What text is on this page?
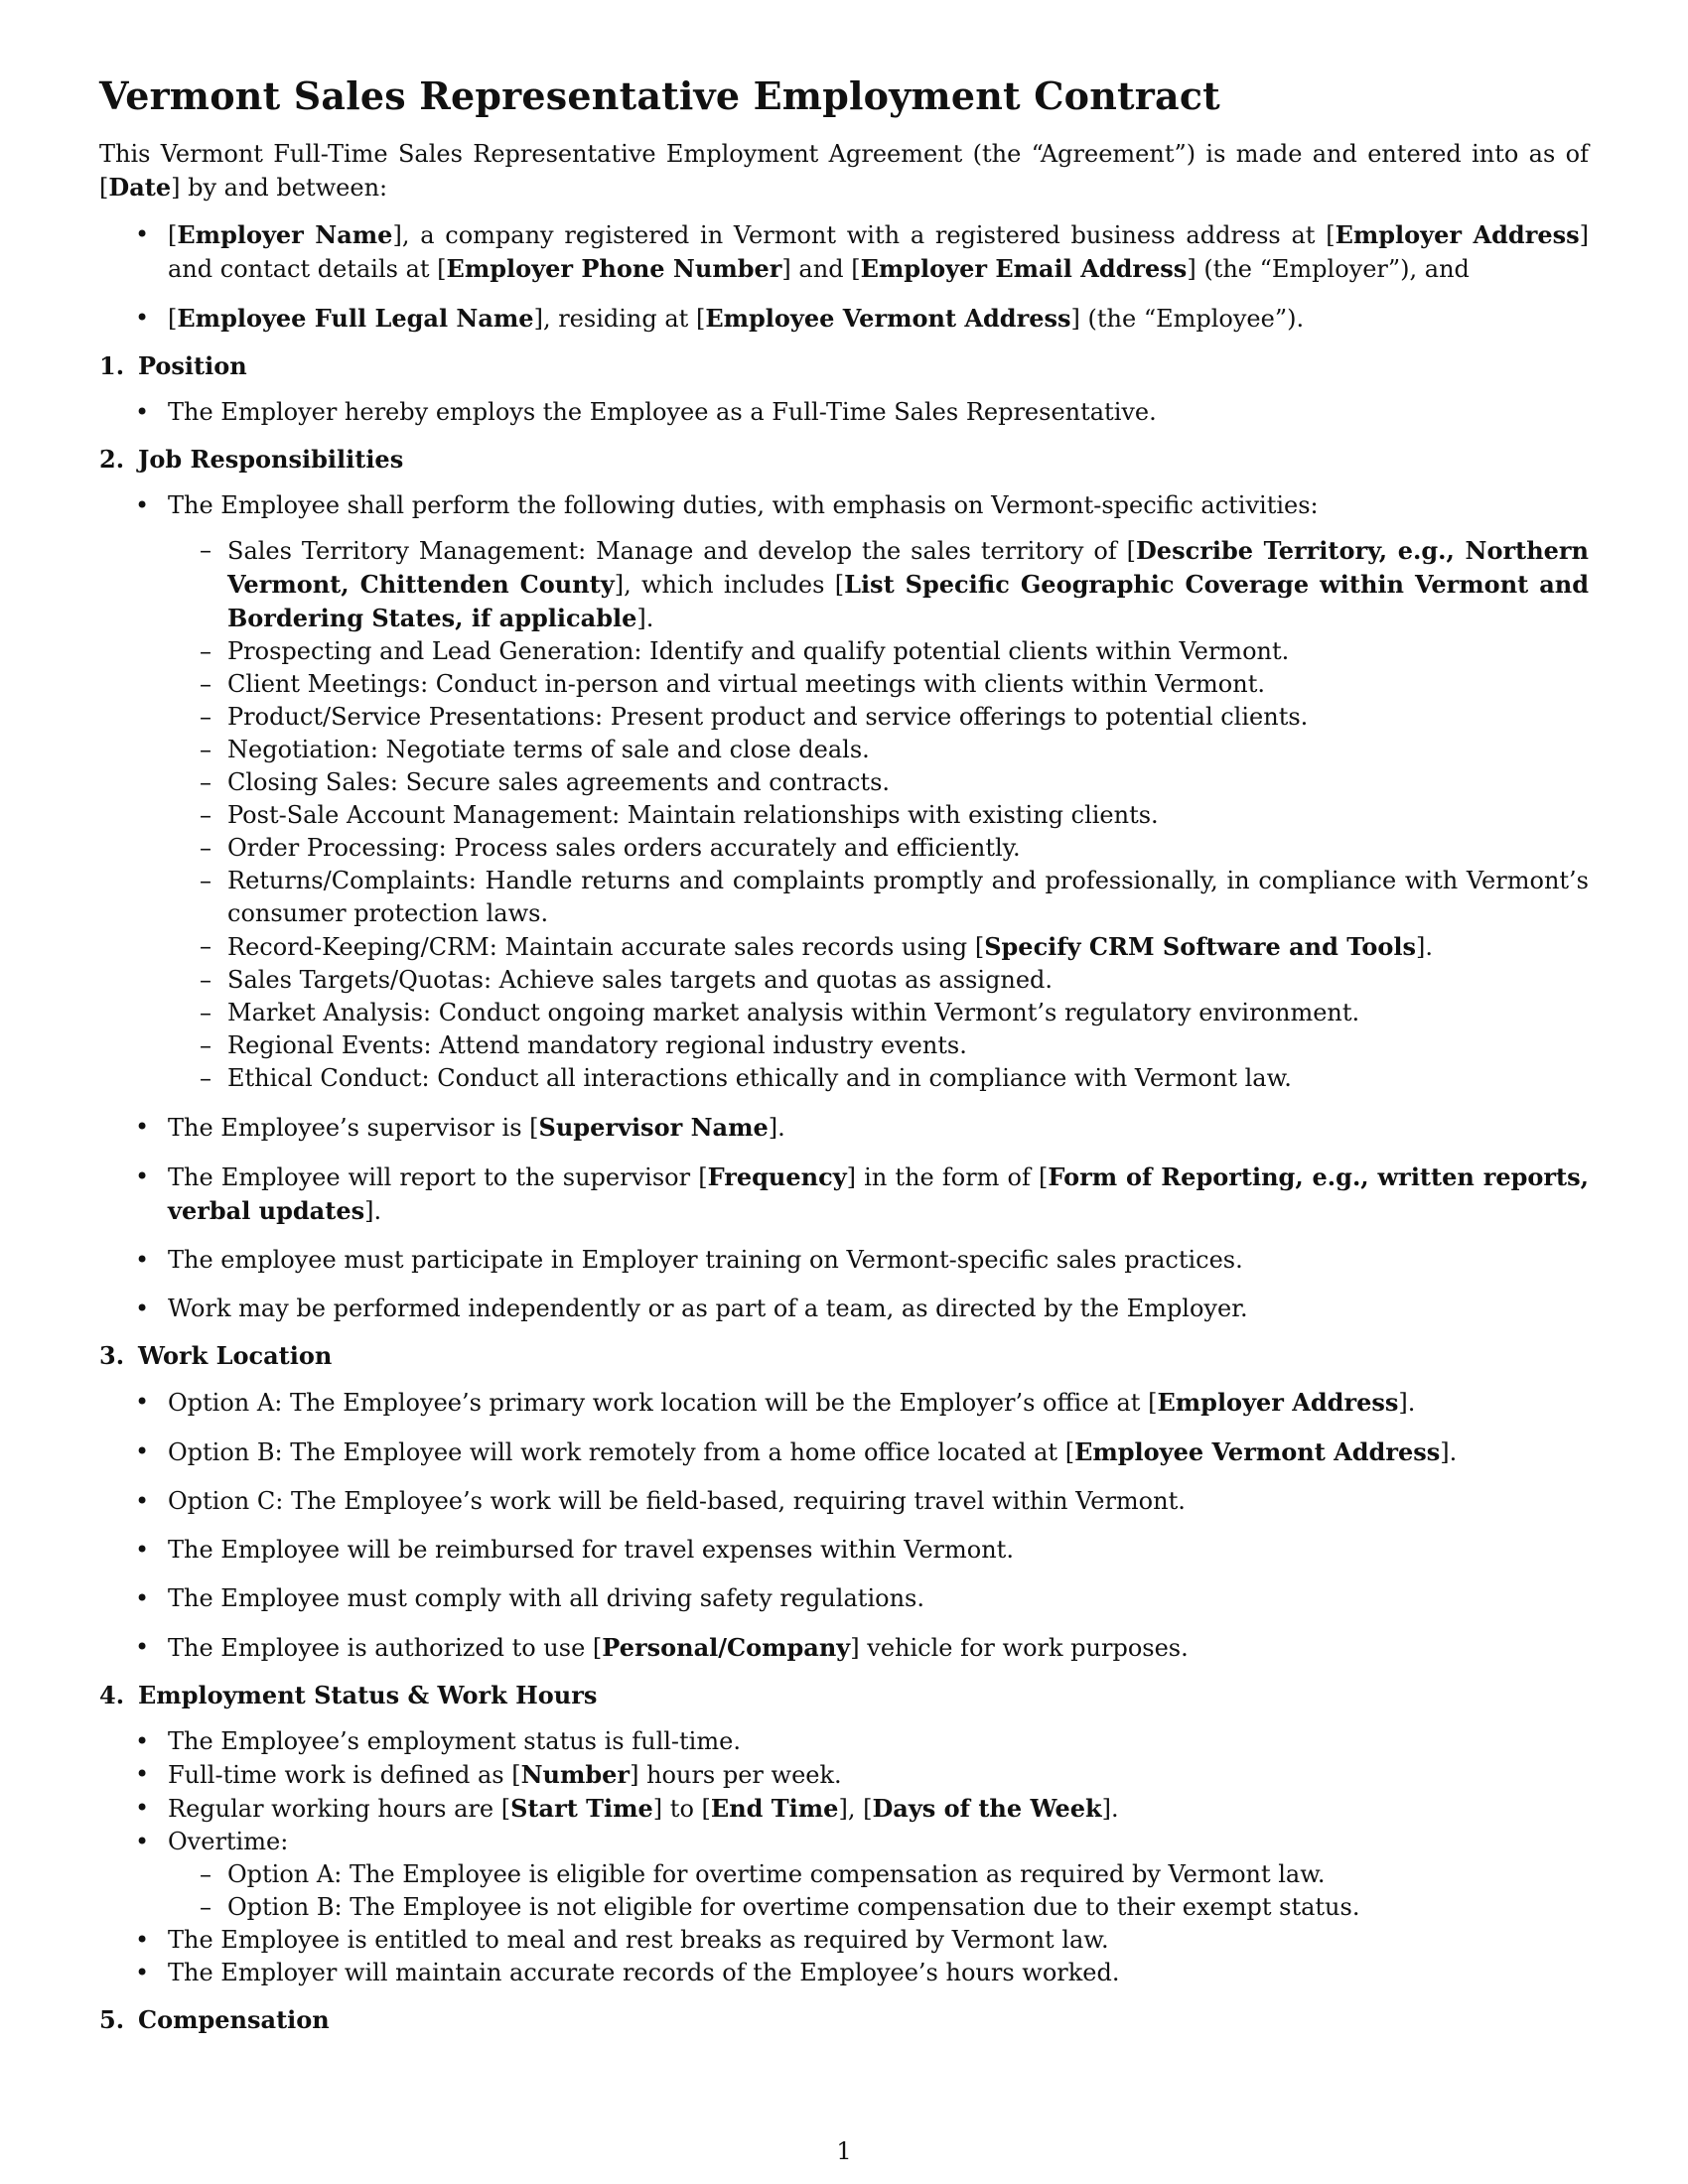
Vermont Sales Representative Employment Contract

This Vermont Full-Time Sales Representative Employment Agreement (the “Agreement”) is made and entered into as of [Date] by and between:

• [Employer Name], a company registered in Vermont with a registered business address at [Employer Address] and contact details at [Employer Phone Number] and [Employer Email Address] (the “Employer”), and
• [Employee Full Legal Name], residing at [Employee Vermont Address] (the “Employee”).
1. Position
• The Employer hereby employs the Employee as a Full-Time Sales Representative.
2. Job Responsibilities
• The Employee shall perform the following duties, with emphasis on Vermont-specific activities:
– Sales Territory Management: Manage and develop the sales territory of [Describe Territory, e.g., Northern Vermont, Chittenden County], which includes [List Specific Geographic Coverage within Vermont and Bordering States, if applicable].
– Prospecting and Lead Generation: Identify and qualify potential clients within Vermont.
– Client Meetings: Conduct in-person and virtual meetings with clients within Vermont.
– Product/Service Presentations: Present product and service offerings to potential clients.
– Negotiation: Negotiate terms of sale and close deals.
– Closing Sales: Secure sales agreements and contracts.
– Post-Sale Account Management: Maintain relationships with existing clients.
– Order Processing: Process sales orders accurately and efficiently.
– Returns/Complaints: Handle returns and complaints promptly and professionally, in compliance with Vermont’s consumer protection laws.
– Record-Keeping/CRM: Maintain accurate sales records using [Specify CRM Software and Tools].
– Sales Targets/Quotas: Achieve sales targets and quotas as assigned.
– Market Analysis: Conduct ongoing market analysis within Vermont’s regulatory environment.
– Regional Events: Attend mandatory regional industry events.
– Ethical Conduct: Conduct all interactions ethically and in compliance with Vermont law.
• The Employee’s supervisor is [Supervisor Name].
• The Employee will report to the supervisor [Frequency] in the form of [Form of Reporting, e.g., written reports, verbal updates].
• The employee must participate in Employer training on Vermont-specific sales practices.
• Work may be performed independently or as part of a team, as directed by the Employer.
3. Work Location
• Option A: The Employee’s primary work location will be the Employer’s office at [Employer Address].
• Option B: The Employee will work remotely from a home office located at [Employee Vermont Address].
• Option C: The Employee’s work will be field-based, requiring travel within Vermont.
• The Employee will be reimbursed for travel expenses within Vermont.
• The Employee must comply with all driving safety regulations.
• The Employee is authorized to use [Personal/Company] vehicle for work purposes.
4. Employment Status & Work Hours
• The Employee’s employment status is full-time.
• Full-time work is defined as [Number] hours per week.
• Regular working hours are [Start Time] to [End Time], [Days of the Week].
• Overtime:
– Option A: The Employee is eligible for overtime compensation as required by Vermont law.
– Option B: The Employee is not eligible for overtime compensation due to their exempt status.
• The Employee is entitled to meal and rest breaks as required by Vermont law.
• The Employer will maintain accurate records of the Employee’s hours worked.
5. Compensation
1
